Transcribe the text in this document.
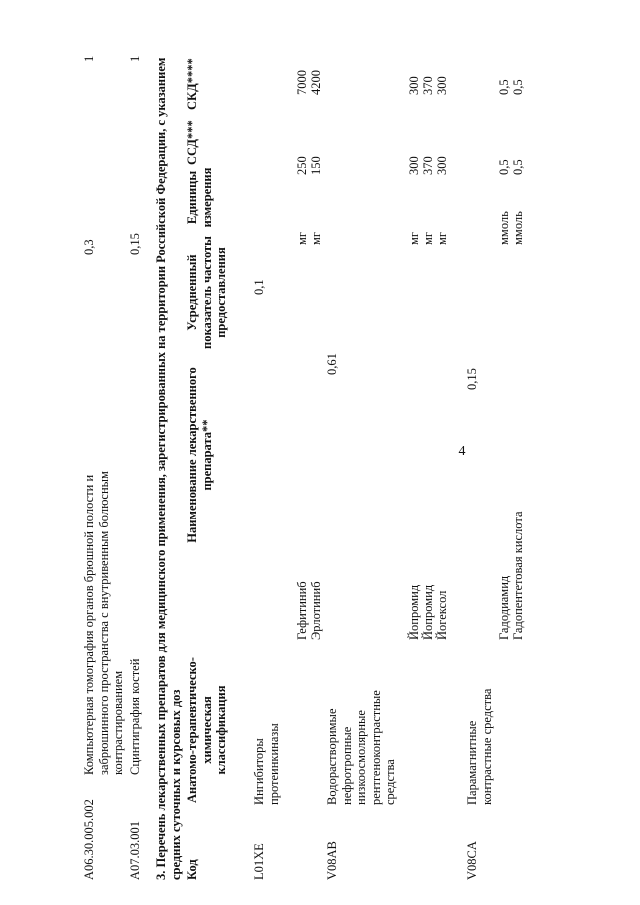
4
A06.30.005.002
Компьютерная томография органов брюшной полости и забрюшинного пространства с внутривенным болюсным контрастированием
0,3
1
A07.03.001
Сцинтиграфия костей
0,15
1 3. Перечень лекарственных препаратов для медицинского применения, зарегистрированных на территории Российской Федерации, с указанием средних суточных и курсовых доз Код
Анатомо-терапевтическо-химическая классификация
Наименование лекарственного препарата**
Усредненный показатель частоты предоставления
Единицы измерения
ССД***
СКД****
L01XE
Ингибиторы протеинкиназы
0,1
Гефитиниб
мг
250
7000
Эрлотиниб
мг
150
4200
V08AB
Водорастворимые нефротропные низкоосмолярные рентгеноконтрастные средства
0,61
Йопромид
мг
300
300
Йопромид
мг
370
370
Йогексол
мг
300
300
V08CA
Парамагнитные контрастные средства
0,15
Гадодиамид
ммоль
0,5
0,5
Гадопентетовая кислота
ммоль
0,5
0,5
